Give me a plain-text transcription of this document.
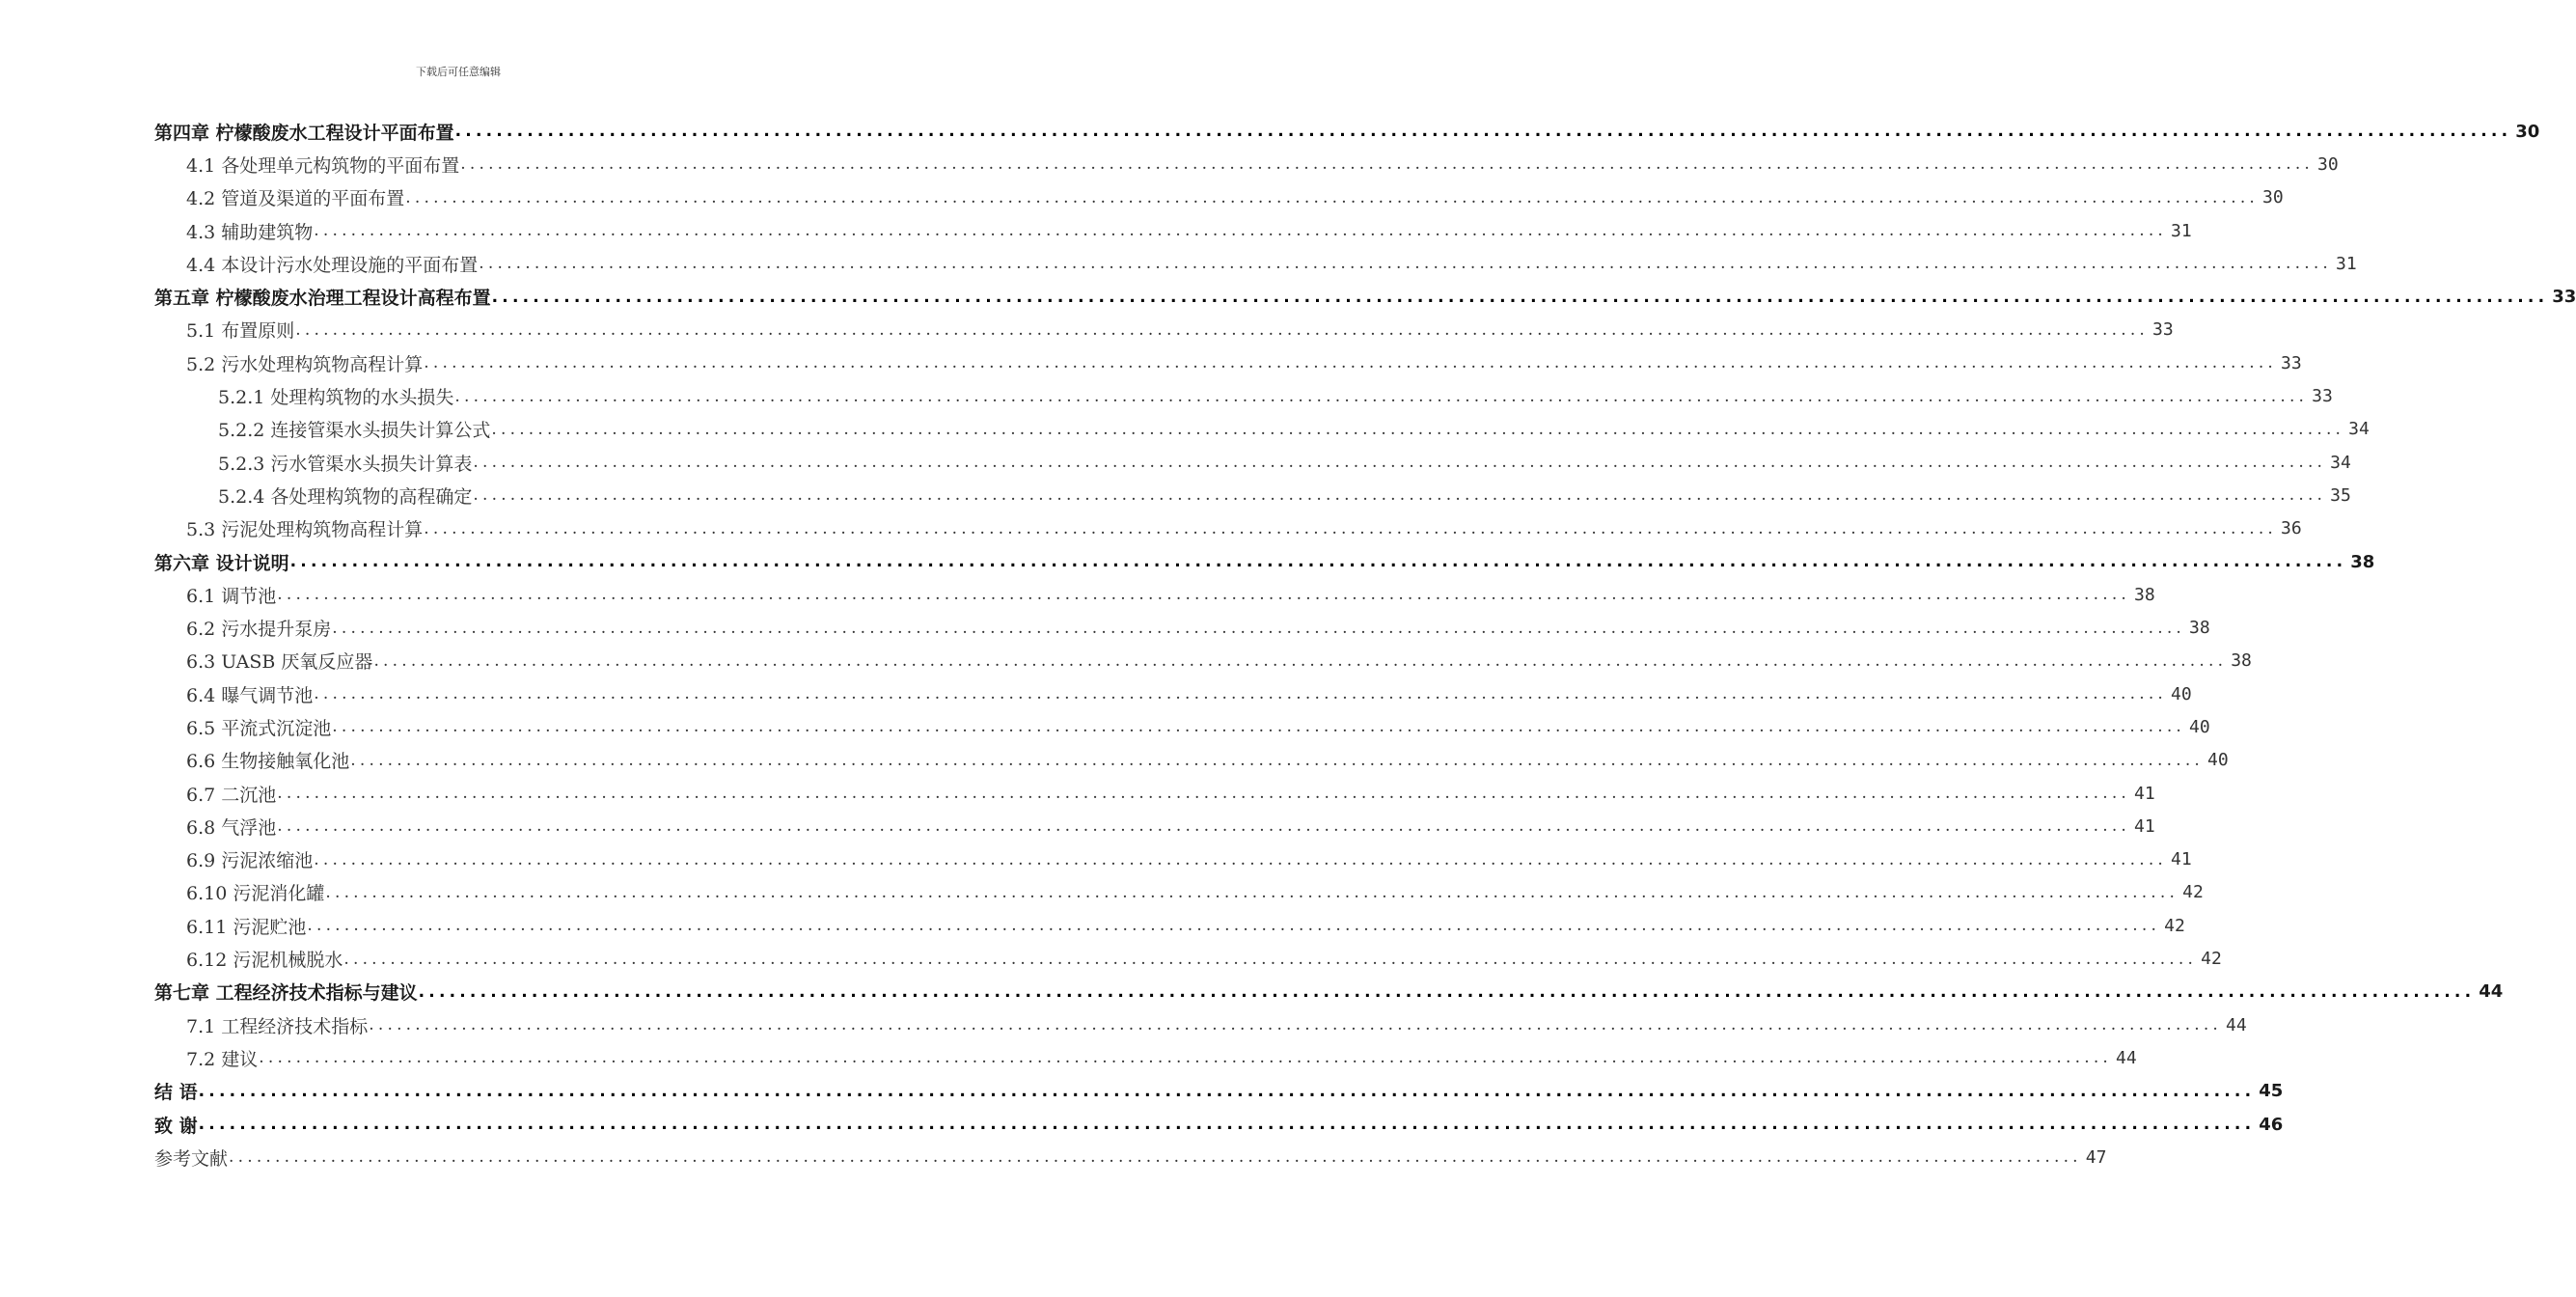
下载后可任意编辑
第四章 柠檬酸废水工程设计平面布置 ........................................................................................................................................................................................................ 30
4.1 各处理单元构筑物的平面布置 ........................................................................................................................................................................................................ 30
4.2 管道及渠道的平面布置 ........................................................................................................................................................................................................ 30
4.3 辅助建筑物 ........................................................................................................................................................................................................ 31
4.4 本设计污水处理设施的平面布置 ........................................................................................................................................................................................................ 31
第五章 柠檬酸废水治理工程设计高程布置 ........................................................................................................................................................................................................ 33
5.1 布置原则 ........................................................................................................................................................................................................ 33
5.2 污水处理构筑物高程计算 ........................................................................................................................................................................................................ 33
5.2.1 处理构筑物的水头损失 ........................................................................................................................................................................................................ 33
5.2.2 连接管渠水头损失计算公式 ........................................................................................................................................................................................................ 34
5.2.3 污水管渠水头损失计算表 ........................................................................................................................................................................................................ 34
5.2.4 各处理构筑物的高程确定 ........................................................................................................................................................................................................ 35
5.3 污泥处理构筑物高程计算 ........................................................................................................................................................................................................ 36
第六章 设计说明 ........................................................................................................................................................................................................ 38
6.1 调节池 ........................................................................................................................................................................................................ 38
6.2 污水提升泵房 ........................................................................................................................................................................................................ 38
6.3 UASB 厌氧反应器 ........................................................................................................................................................................................................ 38
6.4 曝气调节池 ........................................................................................................................................................................................................ 40
6.5 平流式沉淀池 ........................................................................................................................................................................................................ 40
6.6 生物接触氧化池 ........................................................................................................................................................................................................ 40
6.7 二沉池 ........................................................................................................................................................................................................ 41
6.8 气浮池 ........................................................................................................................................................................................................ 41
6.9 污泥浓缩池 ........................................................................................................................................................................................................ 41
6.10 污泥消化罐 ........................................................................................................................................................................................................ 42
6.11 污泥贮池 ........................................................................................................................................................................................................ 42
6.12 污泥机械脱水 ........................................................................................................................................................................................................ 42
第七章 工程经济技术指标与建议 ........................................................................................................................................................................................................ 44
7.1 工程经济技术指标 ........................................................................................................................................................................................................ 44
7.2 建议 ........................................................................................................................................................................................................ 44
结 语 ........................................................................................................................................................................................................ 45
致 谢 ........................................................................................................................................................................................................ 46
参考文献 ........................................................................................................................................................................................................ 47
